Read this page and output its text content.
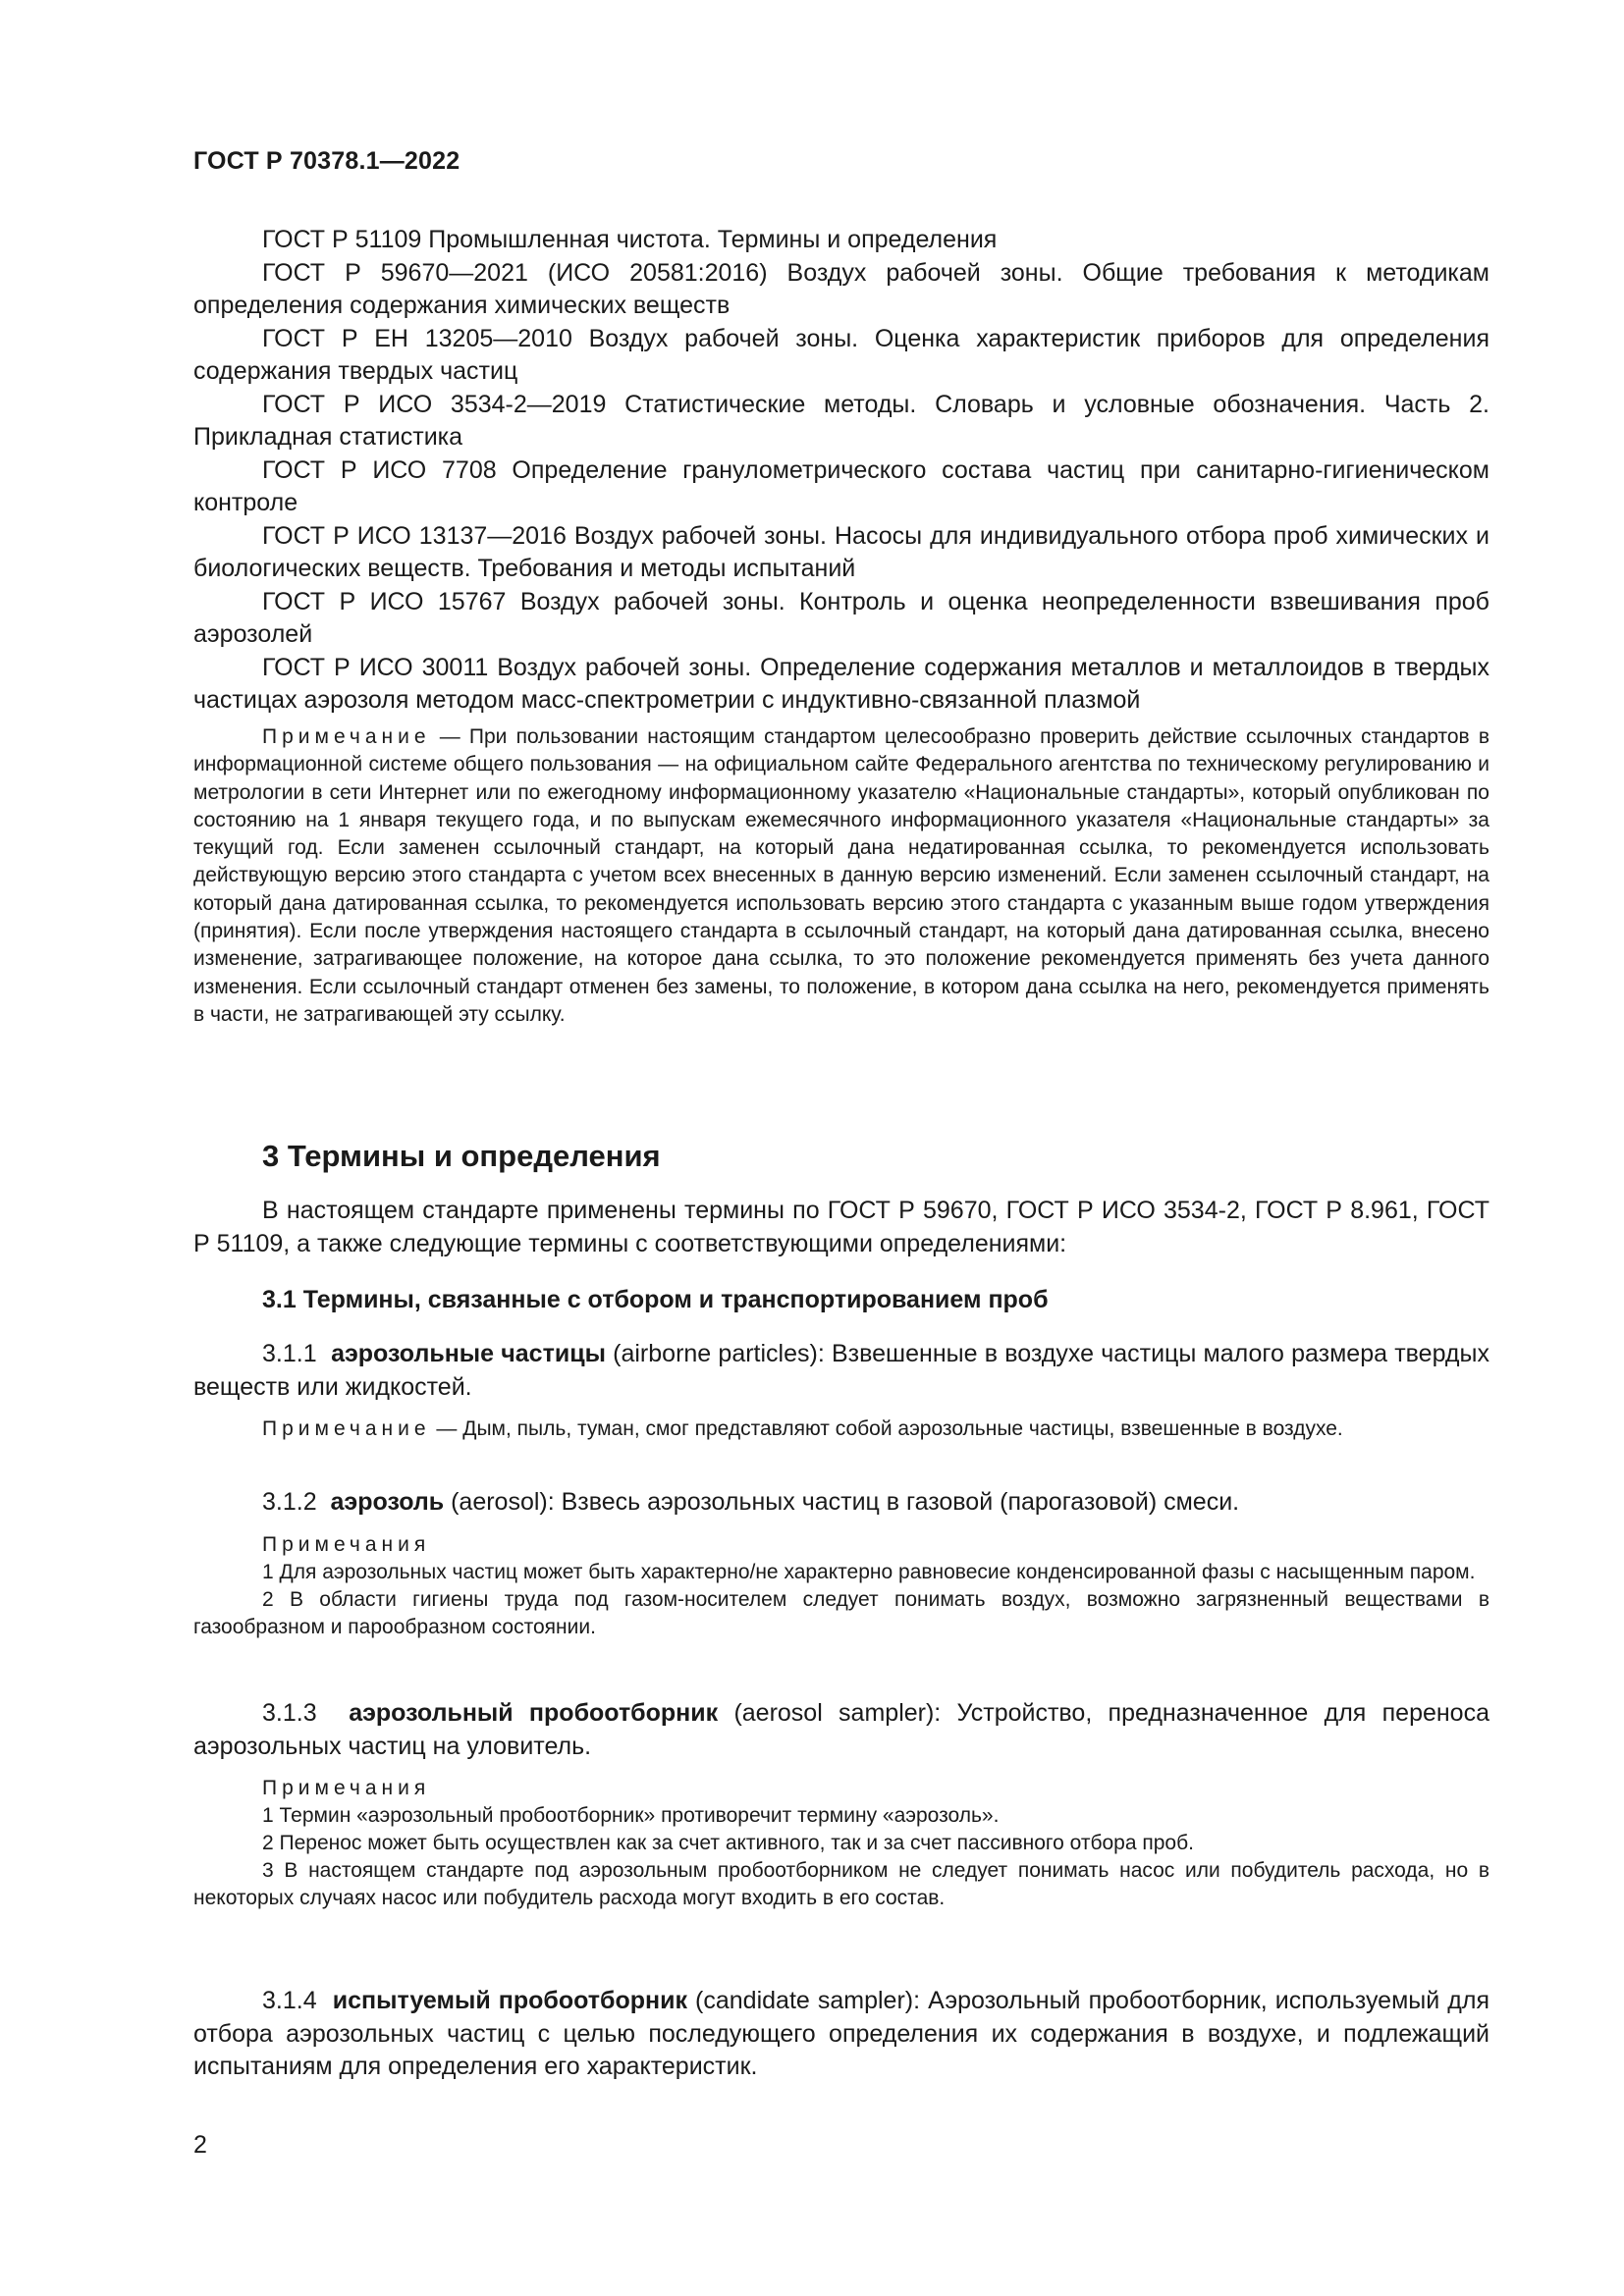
ГОСТ Р 70378.1—2022

ГОСТ Р 51109 Промышленная чистота. Термины и определения

ГОСТ Р 59670—2021 (ИСО 20581:2016) Воздух рабочей зоны. Общие требования к методикам определения содержания химических веществ

ГОСТ Р ЕН 13205—2010 Воздух рабочей зоны. Оценка характеристик приборов для определения содержания твердых частиц

ГОСТ Р ИСО 3534-2—2019 Статистические методы. Словарь и условные обозначения. Часть 2. Прикладная статистика

ГОСТ Р ИСО 7708 Определение гранулометрического состава частиц при санитарно-гигиеническом контроле

ГОСТ Р ИСО 13137—2016 Воздух рабочей зоны. Насосы для индивидуального отбора проб химических и биологических веществ. Требования и методы испытаний

ГОСТ Р ИСО 15767 Воздух рабочей зоны. Контроль и оценка неопределенности взвешивания проб аэрозолей

ГОСТ Р ИСО 30011 Воздух рабочей зоны. Определение содержания металлов и металлоидов в твердых частицах аэрозоля методом масс-спектрометрии с индуктивно-связанной плазмой

Примечание — При пользовании настоящим стандартом целесообразно проверить действие ссылочных стандартов в информационной системе общего пользования — на официальном сайте Федерального агентства по техническому регулированию и метрологии в сети Интернет или по ежегодному информационному указателю «Национальные стандарты», который опубликован по состоянию на 1 января текущего года, и по выпускам ежемесячного информационного указателя «Национальные стандарты» за текущий год. Если заменен ссылочный стандарт, на который дана недатированная ссылка, то рекомендуется использовать действующую версию этого стандарта с учетом всех внесенных в данную версию изменений. Если заменен ссылочный стандарт, на который дана датированная ссылка, то рекомендуется использовать версию этого стандарта с указанным выше годом утверждения (принятия). Если после утверждения настоящего стандарта в ссылочный стандарт, на который дана датированная ссылка, внесено изменение, затрагивающее положение, на которое дана ссылка, то это положение рекомендуется применять без учета данного изменения. Если ссылочный стандарт отменен без замены, то положение, в котором дана ссылка на него, рекомендуется применять в части, не затрагивающей эту ссылку.

3 Термины и определения

В настоящем стандарте применены термины по ГОСТ Р 59670, ГОСТ Р ИСО 3534-2, ГОСТ Р 8.961, ГОСТ Р 51109, а также следующие термины с соответствующими определениями:

3.1 Термины, связанные с отбором и транспортированием проб

3.1.1 аэрозольные частицы (airborne particles): Взвешенные в воздухе частицы малого размера твердых веществ или жидкостей.

Примечание — Дым, пыль, туман, смог представляют собой аэрозольные частицы, взвешенные в воздухе.

3.1.2 аэрозоль (aerosol): Взвесь аэрозольных частиц в газовой (парогазовой) смеси.

Примечания

1 Для аэрозольных частиц может быть характерно/не характерно равновесие конденсированной фазы с насыщенным паром.

2 В области гигиены труда под газом-носителем следует понимать воздух, возможно загрязненный веществами в газообразном и парообразном состоянии.

3.1.3 аэрозольный пробоотборник (aerosol sampler): Устройство, предназначенное для переноса аэрозольных частиц на уловитель.

Примечания

1 Термин «аэрозольный пробоотборник» противоречит термину «аэрозоль».

2 Перенос может быть осуществлен как за счет активного, так и за счет пассивного отбора проб.

3 В настоящем стандарте под аэрозольным пробоотборником не следует понимать насос или побудитель расхода, но в некоторых случаях насос или побудитель расхода могут входить в его состав.

3.1.4 испытуемый пробоотборник (candidate sampler): Аэрозольный пробоотборник, используемый для отбора аэрозольных частиц с целью последующего определения их содержания в воздухе, и подлежащий испытаниям для определения его характеристик.

2
